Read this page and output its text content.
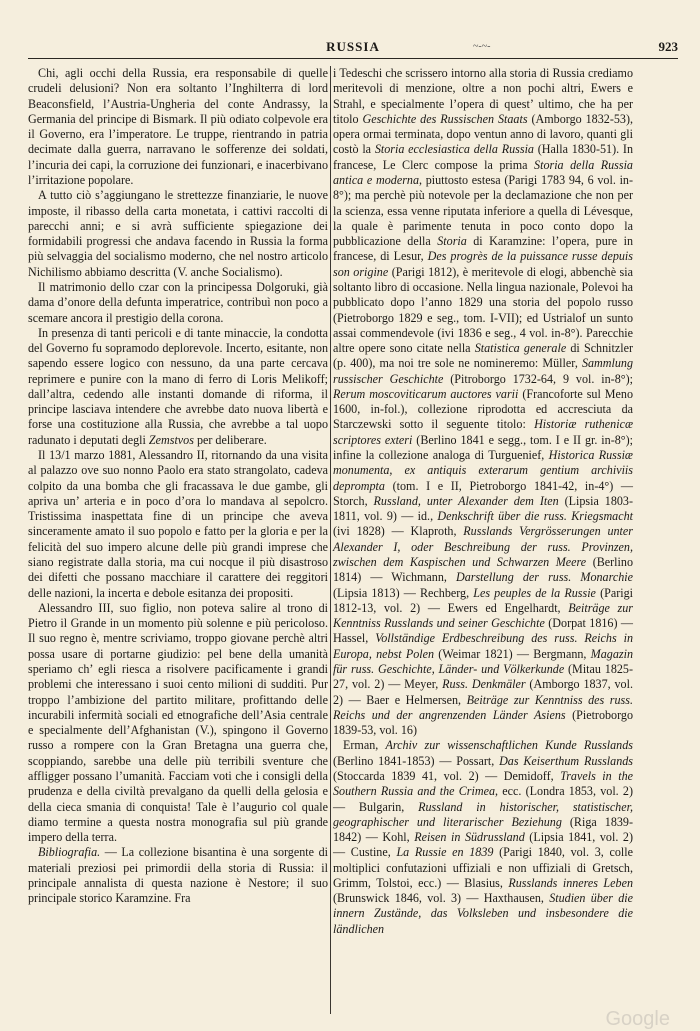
RUSSIA	~-~-	923

Chi, agli occhi della Russia, era responsabile di quelle crudeli delusioni? Non era soltanto l’Inghilterra di lord Beaconsfield, l’Austria-Ungheria del conte Andrassy, la Germania del principe di Bismark. Il più odiato colpevole era il Governo, era l’imperatore. Le truppe, rientrando in patria decimate dalla guerra, narravano le sofferenze dei soldati, l’incuria dei capi, la corruzione dei funzionari, e inacerbivano l’irritazione popolare.

A tutto ciò s’aggiungano le strettezze finanziarie, le nuove imposte, il ribasso della carta monetata, i cattivi raccolti di parecchi anni; e si avrà sufficiente spiegazione dei formidabili progressi che andava facendo in Russia la forma più selvaggia del socialismo moderno, che nel nostro articolo Nichilismo abbiamo descritta (V. anche Socialismo).

Il matrimonio dello czar con la principessa Dolgoruki, già dama d’onore della defunta imperatrice, contribuì non poco a scemare ancora il prestigio della corona.

In presenza di tanti pericoli e di tante minaccie, la condotta del Governo fu sopramodo deplorevole. Incerto, esitante, non sapendo essere logico con nessuno, da una parte cercava reprimere e punire con la mano di ferro di Loris Melikoff; dall’altra, cedendo alle instanti domande di riforma, il principe lasciava intendere che avrebbe dato nuova libertà e forse una costituzione alla Russia, che avrebbe a tal uopo radunato i deputati degli Zemstvos per deliberare.

Il 13/1 marzo 1881, Alessandro II, ritornando da una visita al palazzo ove suo nonno Paolo era stato strangolato, cadeva colpito da una bomba che gli fracassava le due gambe, gli apriva un’ arteria e in poco d’ora lo mandava al sepolcro. Tristissima inaspettata fine di un principe che aveva sinceramente amato il suo popolo e fatto per la gloria e per la felicità del suo impero alcune delle più grandi imprese che siano registrate dalla storia, ma cui nocque il più disastroso dei difetti che possano macchiare il carattere dei reggitori delle nazioni, la incerta e debole esitanza dei propositi.

Alessandro III, suo figlio, non poteva salire al trono di Pietro il Grande in un momento più solenne e più pericoloso. Il suo regno è, mentre scriviamo, troppo giovane perchè altri possa usare di portarne giudizio: pel bene della umanità speriamo ch’ egli riesca a risolvere pacificamente i grandi problemi che interessano i suoi cento milioni di sudditi. Pur troppo l’ambizione del partito militare, profittando delle incurabili infermità sociali ed etnografiche dell’Asia centrale e specialmente dell’Afghanistan (V.), spingono il Governo russo a rompere con la Gran Bretagna una guerra che, scoppiando, sarebbe una delle più terribili sventure che affligger possano l’umanità. Facciam voti che i consigli della prudenza e della civiltà prevalgano da quelli della gelosia e della cieca smania di conquista! Tale è l’augurio col quale diamo termine a questa nostra monografia sul più grande impero della terra.

Bibliografia. — La collezione bisantina è una sorgente di materiali preziosi pei primordii della storia di Russia: il principale annalista di questa nazione è Nestore; il suo principale storico Karamzine. Fra

i Tedeschi che scrissero intorno alla storia di Russia crediamo meritevoli di menzione, oltre a non pochi altri, Ewers e Strahl, e specialmente l’opera di quest’ ultimo, che ha per titolo Geschichte des Russischen Staats (Amborgo 1832-53), opera ormai terminata, dopo ventun anno di lavoro, quanti gli costò la Storia ecclesiastica della Russia (Halla 1830-51). In francese, Le Clerc compose la prima Storia della Russia antica e moderna, piuttosto estesa (Parigi 1783 94, 6 vol. in-8°); ma perchè più notevole per la declamazione che non per la scienza, essa venne riputata inferiore a quella di Lévesque, la quale è parimente tenuta in poco conto dopo la pubblicazione della Storia di Karamzine: l’opera, pure in francese, di Lesur, Des progrès de la puissance russe depuis son origine (Parigi 1812), è meritevole di elogi, abbenchè sia soltanto libro di occasione. Nella lingua nazionale, Polevoi ha pubblicato dopo l’anno 1829 una storia del popolo russo (Pietroborgo 1829 e seg., tom. I-VII); ed Ustrialof un sunto assai commendevole (ivi 1836 e seg., 4 vol. in-8°). Parecchie altre opere sono citate nella Statistica generale di Schnitzler (p. 400), ma noi tre sole ne nomineremo: Müller, Sammlung russischer Geschichte (Pitroborgo 1732-64, 9 vol. in-8°); Rerum moscoviticarum auctores varii (Francoforte sul Meno 1600, in-fol.), collezione riprodotta ed accresciuta da Starczewski sotto il seguente titolo: Historiæ ruthenicæ scriptores exteri (Berlino 1841 e segg., tom. I e II gr. in-8°); infine la collezione analoga di Turguenief, Historica Russiæ monumenta, ex antiquis exterarum gentium archiviis deprompta (tom. I e II, Pietroborgo 1841-42, in-4°) — Storch, Russland, unter Alexander dem Iten (Lipsia 1803-1811, vol. 9) — id., Denkschrift über die russ. Kriegsmacht (ivi 1828) — Klaproth, Russlands Vergrösserungen unter Alexander I, oder Beschreibung der russ. Provinzen, zwischen dem Kaspischen und Schwarzen Meere (Berlino 1814) — Wichmann, Darstellung der russ. Monarchie (Lipsia 1813) — Rechberg, Les peuples de la Russie (Parigi 1812-13, vol. 2) — Ewers ed Engelhardt, Beiträge zur Kenntniss Russlands und seiner Geschichte (Dorpat 1816) — Hassel, Vollständige Erdbeschreibung des russ. Reichs in Europa, nebst Polen (Weimar 1821) — Bergmann, Magazin für russ. Geschichte, Länder- und Völkerkunde (Mitau 1825-27, vol. 2) — Meyer, Russ. Denkmäler (Amborgo 1837, vol. 2) — Baer e Helmersen, Beiträge zur Kenntniss des russ. Reichs und der angrenzenden Länder Asiens (Pietroborgo 1839-53, vol. 16)

Erman, Archiv zur wissenschaftlichen Kunde Russlands (Berlino 1841-1853) — Possart, Das Keiserthum Russlands (Stoccarda 1839 41, vol. 2) — Demidoff, Travels in the Southern Russia and the Crimea, ecc. (Londra 1853, vol. 2) — Bulgarin, Russland in historischer, statistischer, geographischer und literarischer Beziehung (Riga 1839-1842) — Kohl, Reisen in Südrussland (Lipsia 1841, vol. 2) — Custine, La Russie en 1839 (Parigi 1840, vol. 3, colle moltiplici confutazioni uffiziali e non uffiziali di Gretsch, Grimm, Tolstoi, ecc.) — Blasius, Russlands inneres Leben (Brunswick 1846, vol. 3) — Haxthausen, Studien über die innern Zustände, das Volksleben und insbesondere die ländlichen

Google
